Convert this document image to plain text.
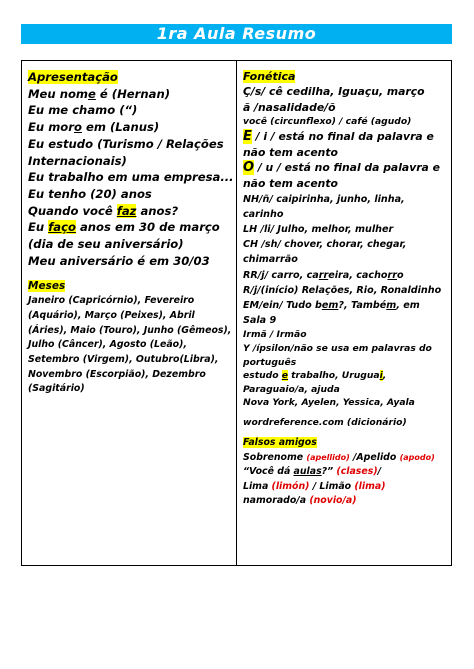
1ra Aula Resumo
Apresentação
Meu nome é (Hernan)
Eu me chamo (“)
Eu moro em (Lanus)
Eu estudo (Turismo / Relações
Internacionais)
Eu trabalho em uma empresa...
Eu tenho (20) anos
Quando você faz anos?
Eu faço anos em 30 de março
(dia de seu aniversário)
Meu aniversário é em 30/03
Meses
Janeiro (Capricórnio), Fevereiro
(Aquário), Março (Peixes), Abril
(Áries), Maio (Touro), Junho (Gêmeos),
Julho (Câncer), Agosto (Leão),
Setembro (Virgem), Outubro(Libra),
Novembro (Escorpião), Dezembro
(Sagitário)
Fonética
Ç/s/ cê cedilha, Iguaçu, março
ã /nasalidade/õ
você (circunflexo) / café (agudo)
E / i / está no final da palavra e
não tem acento
O / u / está no final da palavra e
não tem acento
NH/ñ/ caipirinha, junho, linha,
carinho
LH /li/ Julho, melhor, mulher
CH /sh/ chover, chorar, chegar,
chimarrão
RR/j/ carro, carreira, cachorro
R/j/(início) Relações, Rio, Ronaldinho
EM/ein/ Tudo bem?, Também, em
Sala 9
Irmã / Irmão
Y /ípsilon/não se usa em palavras do
português
estudo e trabalho, Uruguai,
Paraguaio/a, ajuda
Nova York, Ayelen, Yessica, Ayala
wordreference.com (dicionário)
Falsos amigos
Sobrenome (apellido) /Apelido (apodo)
“Você dá aulas?” (clases)/
Lima (limón) / Limão (lima)
namorado/a (novio/a)
